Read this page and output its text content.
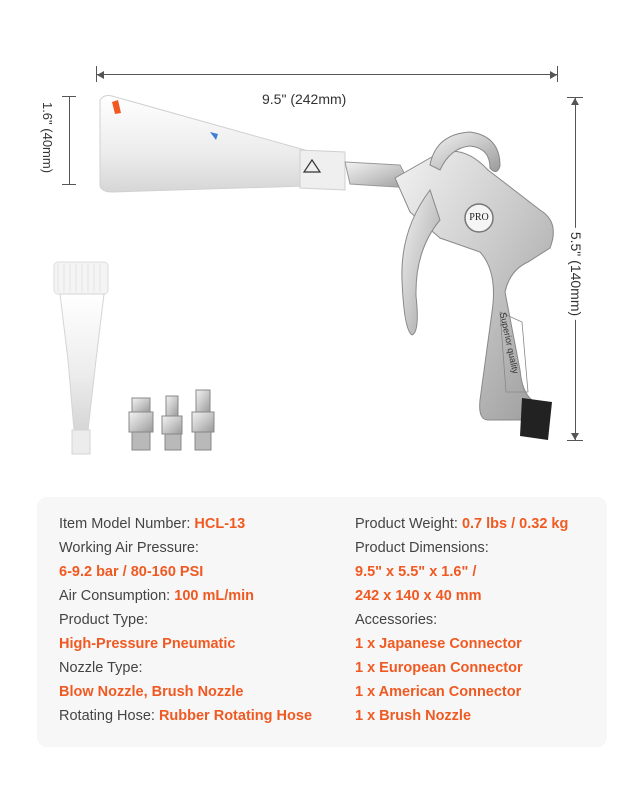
9.5" (242mm)
1.6" (40mm)
5.5" (140mm)
PRO
Superior quality
Item Model Number: HCL-13
Working Air Pressure:
6-9.2 bar / 80-160 PSI
Air Consumption: 100 mL/min
Product Type:
High-Pressure Pneumatic
Nozzle Type:
Blow Nozzle, Brush Nozzle
Rotating Hose: Rubber Rotating Hose
Product Weight: 0.7 lbs / 0.32 kg
Product Dimensions:
9.5" x 5.5" x 1.6" /
242 x 140 x 40 mm
Accessories:
1 x Japanese Connector
1 x European Connector
1 x American Connector
1 x Brush Nozzle
